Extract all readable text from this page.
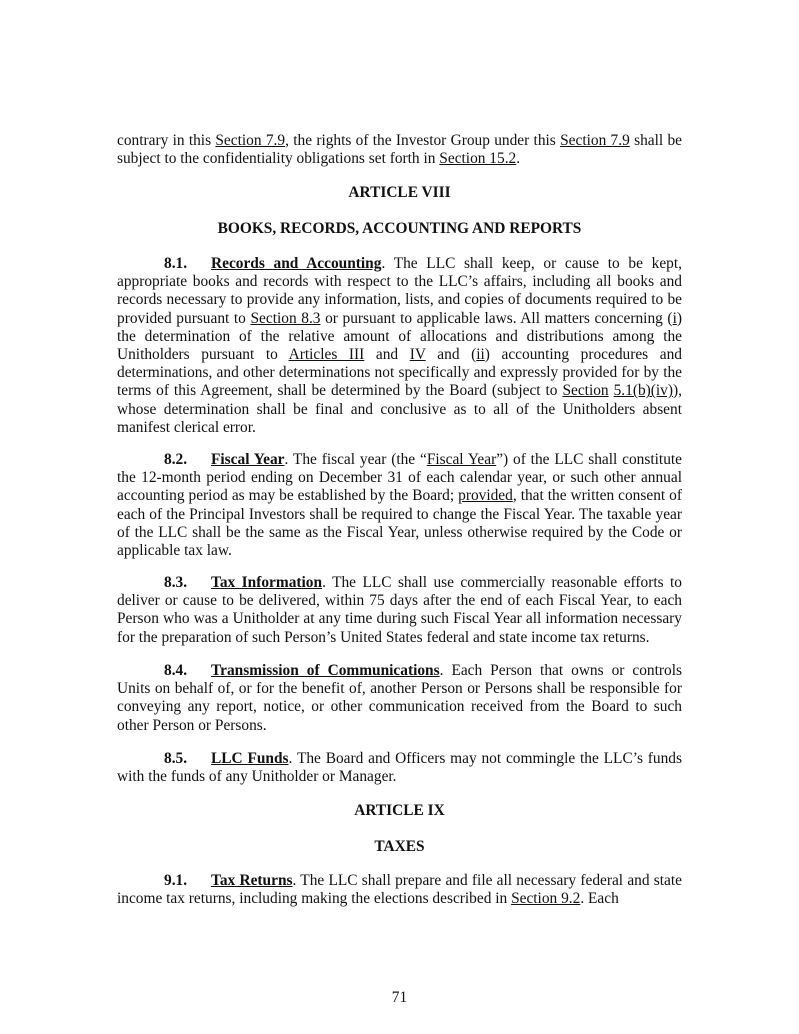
contrary in this Section 7.9, the rights of the Investor Group under this Section 7.9 shall be subject to the confidentiality obligations set forth in Section 15.2.

ARTICLE VIII

BOOKS, RECORDS, ACCOUNTING AND REPORTS

8.1. Records and Accounting. The LLC shall keep, or cause to be kept, appropriate books and records with respect to the LLC’s affairs, including all books and records necessary to provide any information, lists, and copies of documents required to be provided pursuant to Section 8.3 or pursuant to applicable laws. All matters concerning (i) the determination of the relative amount of allocations and distributions among the Unitholders pursuant to Articles III and IV and (ii) accounting procedures and determinations, and other determinations not specifically and expressly provided for by the terms of this Agreement, shall be determined by the Board (subject to Section 5.1(b)(iv)), whose determination shall be final and conclusive as to all of the Unitholders absent manifest clerical error.

8.2. Fiscal Year. The fiscal year (the “Fiscal Year”) of the LLC shall constitute the 12-month period ending on December 31 of each calendar year, or such other annual accounting period as may be established by the Board; provided, that the written consent of each of the Principal Investors shall be required to change the Fiscal Year. The taxable year of the LLC shall be the same as the Fiscal Year, unless otherwise required by the Code or applicable tax law.

8.3. Tax Information. The LLC shall use commercially reasonable efforts to deliver or cause to be delivered, within 75 days after the end of each Fiscal Year, to each Person who was a Unitholder at any time during such Fiscal Year all information necessary for the preparation of such Person’s United States federal and state income tax returns.

8.4. Transmission of Communications. Each Person that owns or controls Units on behalf of, or for the benefit of, another Person or Persons shall be responsible for conveying any report, notice, or other communication received from the Board to such other Person or Persons.

8.5. LLC Funds. The Board and Officers may not commingle the LLC’s funds with the funds of any Unitholder or Manager.

ARTICLE IX

TAXES

9.1. Tax Returns. The LLC shall prepare and file all necessary federal and state income tax returns, including making the elections described in Section 9.2. Each

71
